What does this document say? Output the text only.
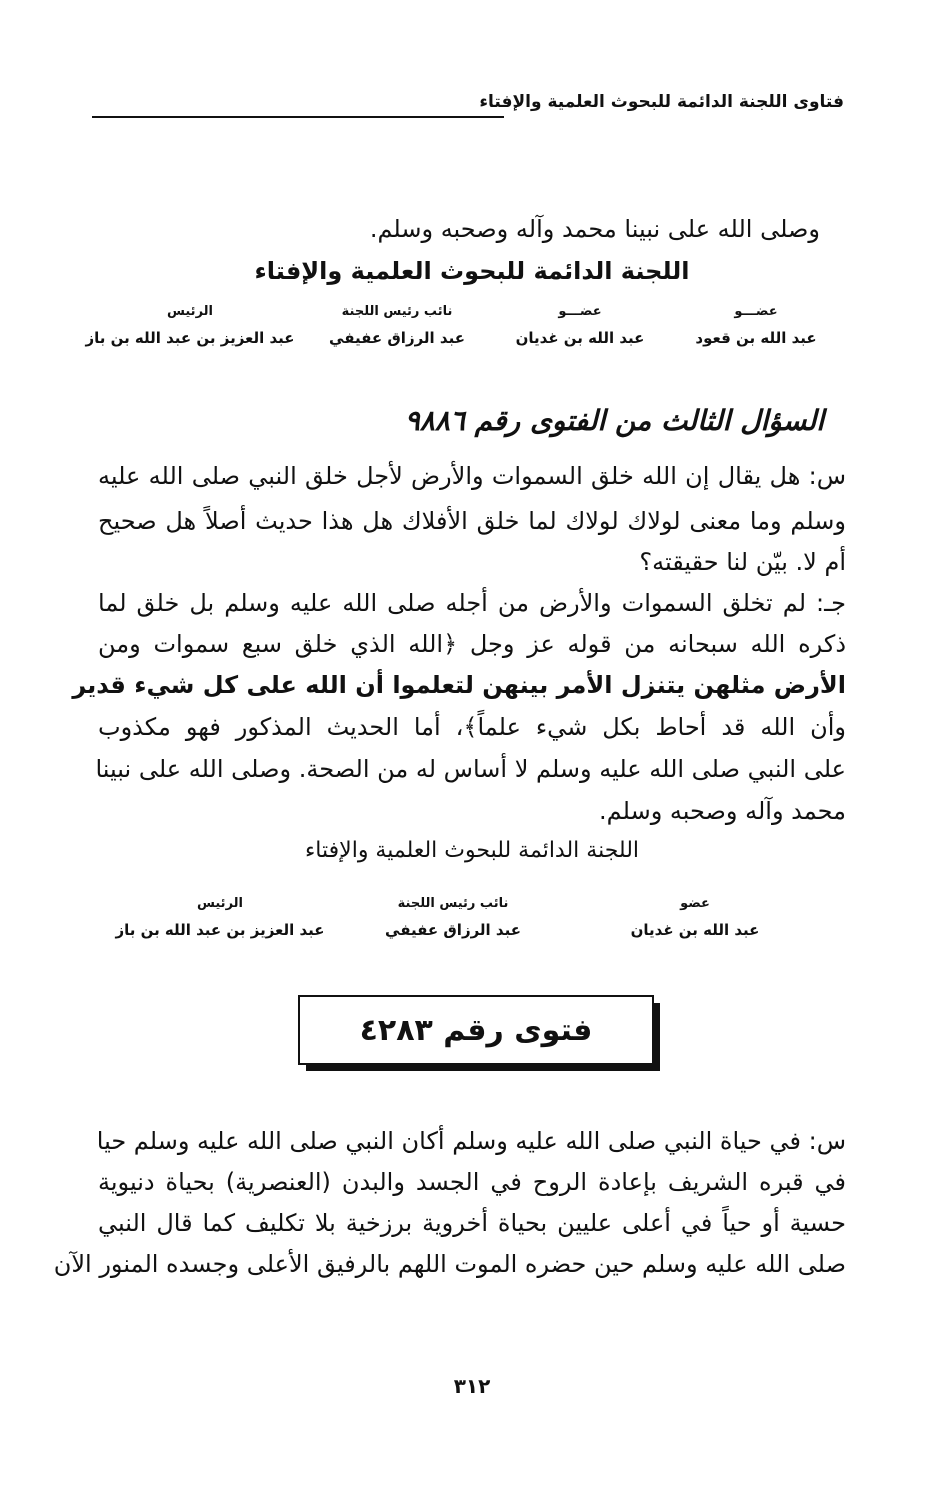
فتاوى اللجنة الدائمة للبحوث العلمية والإفتاء
وصلى الله على نبينا محمد وآله وصحبه وسلم.
اللجنة الدائمة للبحوث العلمية والإفتاء
عضـــو
عبد الله بن قعود
عضـــو
عبد الله بن غديان
نائب رئيس اللجنة
عبد الرزاق عفيفي
الرئيس
عبد العزيز بن عبد الله بن باز
السؤال الثالث من الفتوى رقم ٩٨٨٦
س: هل يقال إن الله خلق السموات والأرض لأجل خلق النبي صلى الله عليه
وسلم وما معنى لولاك لولاك لما خلق الأفلاك هل هذا حديث أصلاً هل صحيح
أم لا. بيّن لنا حقيقته؟
جـ: لم تخلق السموات والأرض من أجله صلى الله عليه وسلم بل خلق لما
ذكره الله سبحانه من قوله عز وجل ﴿الله الذي خلق سبع سموات ومن
الأرض مثلهن يتنزل الأمر بينهن لتعلموا أن الله على كل شيء قدير
وأن الله قد أحاط بكل شيء علماً﴾، أما الحديث المذكور فهو مكذوب
على النبي صلى الله عليه وسلم لا أساس له من الصحة. وصلى الله على نبينا
محمد وآله وصحبه وسلم.
اللجنة الدائمة للبحوث العلمية والإفتاء
عضو
عبد الله بن غديان
نائب رئيس اللجنة
عبد الرزاق عفيفي
الرئيس
عبد العزيز بن عبد الله بن باز
فتوى رقم ٤٢٨٣
س: في حياة النبي صلى الله عليه وسلم أكان النبي صلى الله عليه وسلم حيا
في قبره الشريف بإعادة الروح في الجسد والبدن (العنصرية) بحياة دنيوية
حسية أو حياً في أعلى عليين بحياة أخروية برزخية بلا تكليف كما قال النبي
صلى الله عليه وسلم حين حضره الموت اللهم بالرفيق الأعلى وجسده المنور الآن
٣١٢
